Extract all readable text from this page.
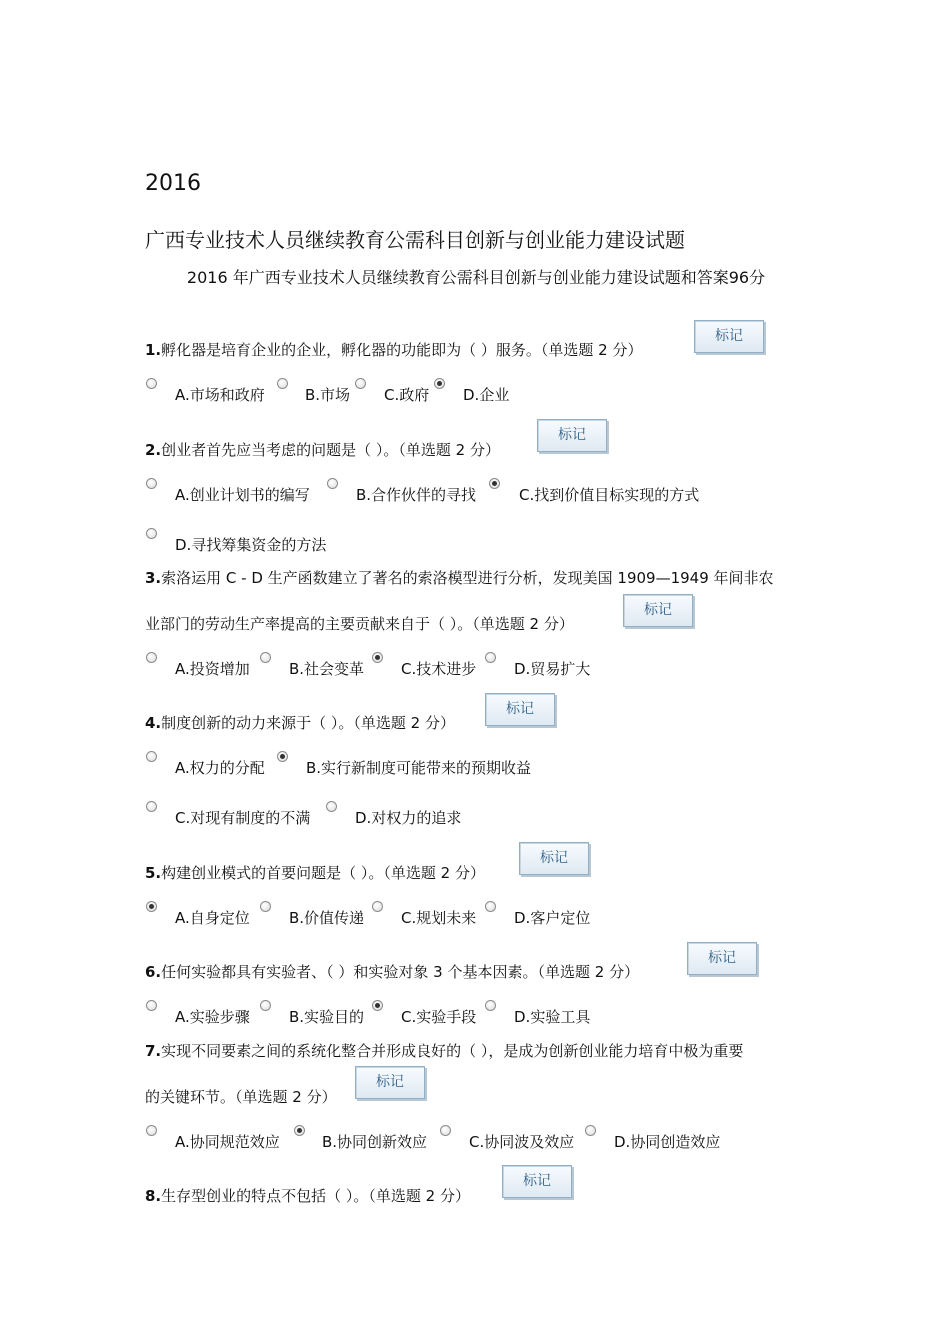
2016
广西专业技术人员继续教育公需科目创新与创业能力建设试题
2016 年广西专业技术人员继续教育公需科目创新与创业能力建设试题和答案96分
1.孵化器是培育企业的企业，孵化器的功能即为（ ）服务。（单选题 2 分）
标记
A.市场和政府	B.市场 C.政府 D.企业
2.创业者首先应当考虑的问题是（ ）。（单选题 2 分）
标记
A.创业计划书的编写	B.合作伙伴的寻找	C.找到价值目标实现的方式
D.寻找筹集资金的方法
3.索洛运用 C - D 生产函数建立了著名的索洛模型进行分析，发现美国 1909—1949 年间非农
业部门的劳动生产率提高的主要贡献来自于（ ）。（单选题 2 分）
标记
A.投资增加	B.社会变革 C.技术进步	D.贸易扩大
4.制度创新的动力来源于（ ）。（单选题 2 分）
标记
A.权力的分配	B.实行新制度可能带来的预期收益
C.对现有制度的不满	D.对权力的追求
5.构建创业模式的首要问题是（ ）。（单选题 2 分）
标记
A.自身定位	B.价值传递 C.规划未来	D.客户定位
6.任何实验都具有实验者、（ ）和实验对象 3 个基本因素。（单选题 2 分）
标记
A.实验步骤	B.实验目的 C.实验手段	D.实验工具
7.实现不同要素之间的系统化整合并形成良好的（ ），是成为创新创业能力培育中极为重要
的关键环节。（单选题 2 分）
标记
A.协同规范效应	B.协同创新效应	C.协同波及效应	D.协同创造效应
8.生存型创业的特点不包括（ ）。（单选题 2 分）
标记
